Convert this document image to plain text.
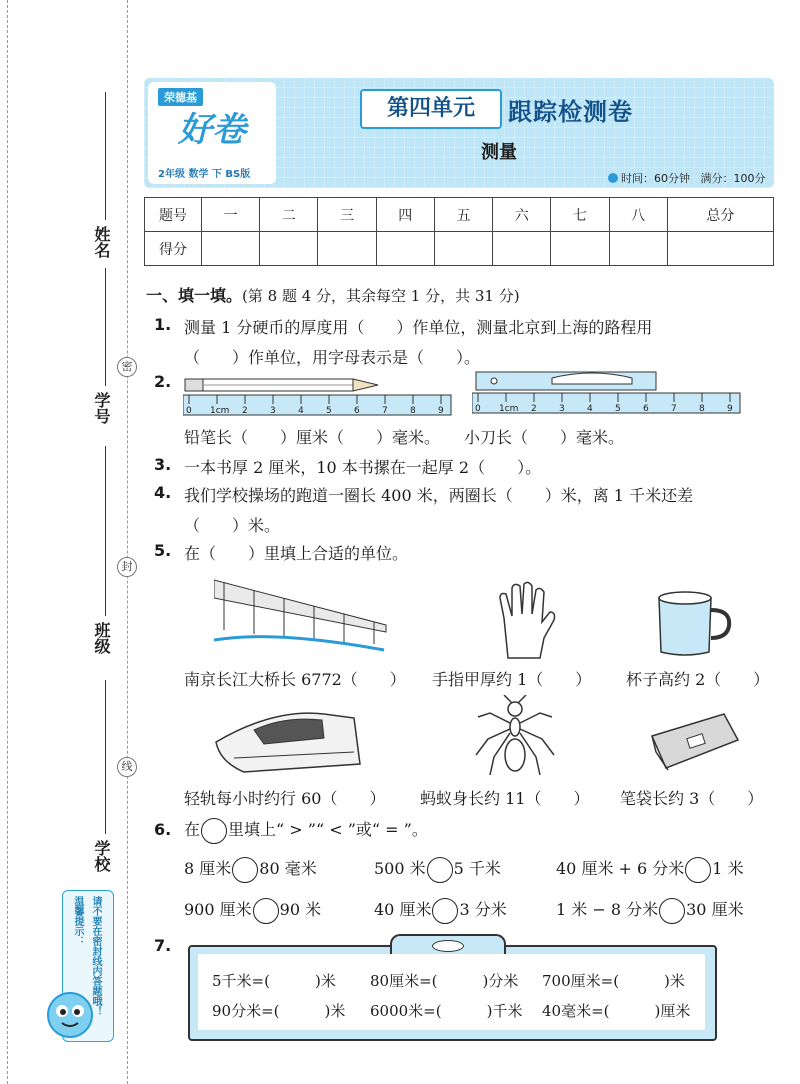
密
封
线
姓名
学号
班级
学校
温馨提示： 请不要在密封线内答题哦！
荣德基
好卷
2年级 数学 下 BS版
第四单元	跟踪检测卷
测量
时间：60分钟 满分：100分
题号	一	二	三	四	五	六	七	八	总分
得分									
一、填一填。(第 8 题 4 分，其余每空 1 分，共 31 分)
1. 测量 1 分硬币的厚度用（　　）作单位，测量北京到上海的路程用
（　　）作单位，用字母表示是（　　）。
2.
0 1cm 2 3 4 5 6 7 8 9	0 1cm 2 3 4 5 6 7 8 9
铅笔长（　　）厘米（　　）毫米。　　小刀长（　　）毫米。
3. 一本书厚 2 厘米，10 本书摞在一起厚 2（　　）。
4. 我们学校操场的跑道一圈长 400 米，两圈长（　　）米，离 1 千米还差
（　　）米。
5. 在（　　）里填上合适的单位。
南京长江大桥长 6772（　　） 手指甲厚约 1（　　） 杯子高约 2（　　）
轻轨每小时约行 60（　　） 蚂蚁身长约 11（　　） 笔袋长约 3（　　）
6. 在 里填上“ > ”“ < ”或“ = ”。
8 厘米 80 毫米	500 米 5 千米	40 厘米 + 6 分米 1 米
900 厘米 90 米	40 厘米 3 分米	1 米 − 8 分米 30 厘米
7.
5千米=(　　　)米 80厘米=(　　　)分米 700厘米=(　　　)米
90分米=(　　　)米 6000米=(　　　)千米 40毫米=(　　　)厘米
